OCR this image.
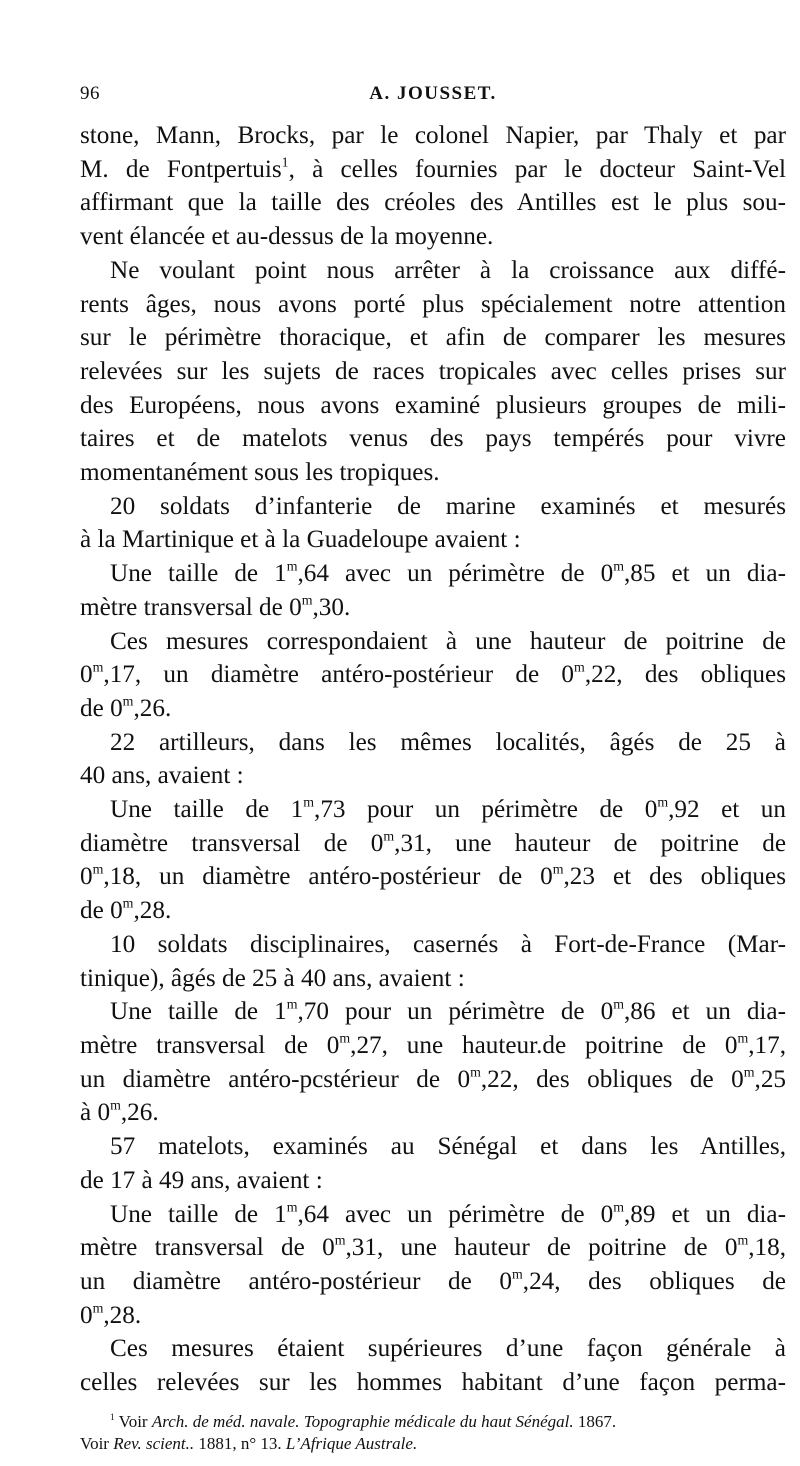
96	A. JOUSSET.
stone, Mann, Brocks, par le colonel Napier, par Thaly et par
M. de Fontpertuis$^1$, à celles fournies par le docteur Saint-Vel
affirmant que la taille des créoles des Antilles est le plus sou-
vent élancée et au-dessus de la moyenne.
Ne voulant point nous arrêter à la croissance aux diffé-
rents âges, nous avons porté plus spécialement notre attention
sur le périmètre thoracique, et afin de comparer les mesures
relevées sur les sujets de races tropicales avec celles prises sur
des Européens, nous avons examiné plusieurs groupes de mili-
taires et de matelots venus des pays tempérés pour vivre
momentanément sous les tropiques.
20 soldats d’infanterie de marine examinés et mesurés
à la Martinique et à la Guadeloupe avaient :
Une taille de 1$^m$,64 avec un périmètre de 0$^m$,85 et un dia-
mètre transversal de 0$^m$,30.
Ces mesures correspondaient à une hauteur de poitrine de
0$^m$,17, un diamètre antéro-postérieur de 0$^m$,22, des obliques
de 0$^m$,26.
22 artilleurs, dans les mêmes localités, âgés de 25 à
40 ans, avaient :
Une taille de 1$^m$,73 pour un périmètre de 0$^m$,92 et un
diamètre transversal de 0$^m$,31, une hauteur de poitrine de
0$^m$,18, un diamètre antéro-postérieur de 0$^m$,23 et des obliques
de 0$^m$,28.
10 soldats disciplinaires, casernés à Fort-de-France (Mar-
tinique), âgés de 25 à 40 ans, avaient :
Une taille de 1$^m$,70 pour un périmètre de 0$^m$,86 et un dia-
mètre transversal de 0$^m$,27, une hauteur.de poitrine de 0$^m$,17,
un diamètre antéro-pcstérieur de 0$^m$,22, des obliques de 0$^m$,25
à 0$^m$,26.
57 matelots, examinés au Sénégal et dans les Antilles,
de 17 à 49 ans, avaient :
Une taille de 1$^m$,64 avec un périmètre de 0$^m$,89 et un dia-
mètre transversal de 0$^m$,31, une hauteur de poitrine de 0$^m$,18,
un diamètre antéro-postérieur de 0$^m$,24, des obliques de
0$^m$,28.
Ces mesures étaient supérieures d’une façon générale à
celles relevées sur les hommes habitant d’une façon perma-
$^1$ Voir Arch. de méd. navale. Topographie médicale du haut Sénégal. 1867.
Voir Rev. scient.. 1881, n° 13. L’Afrique Australe.
